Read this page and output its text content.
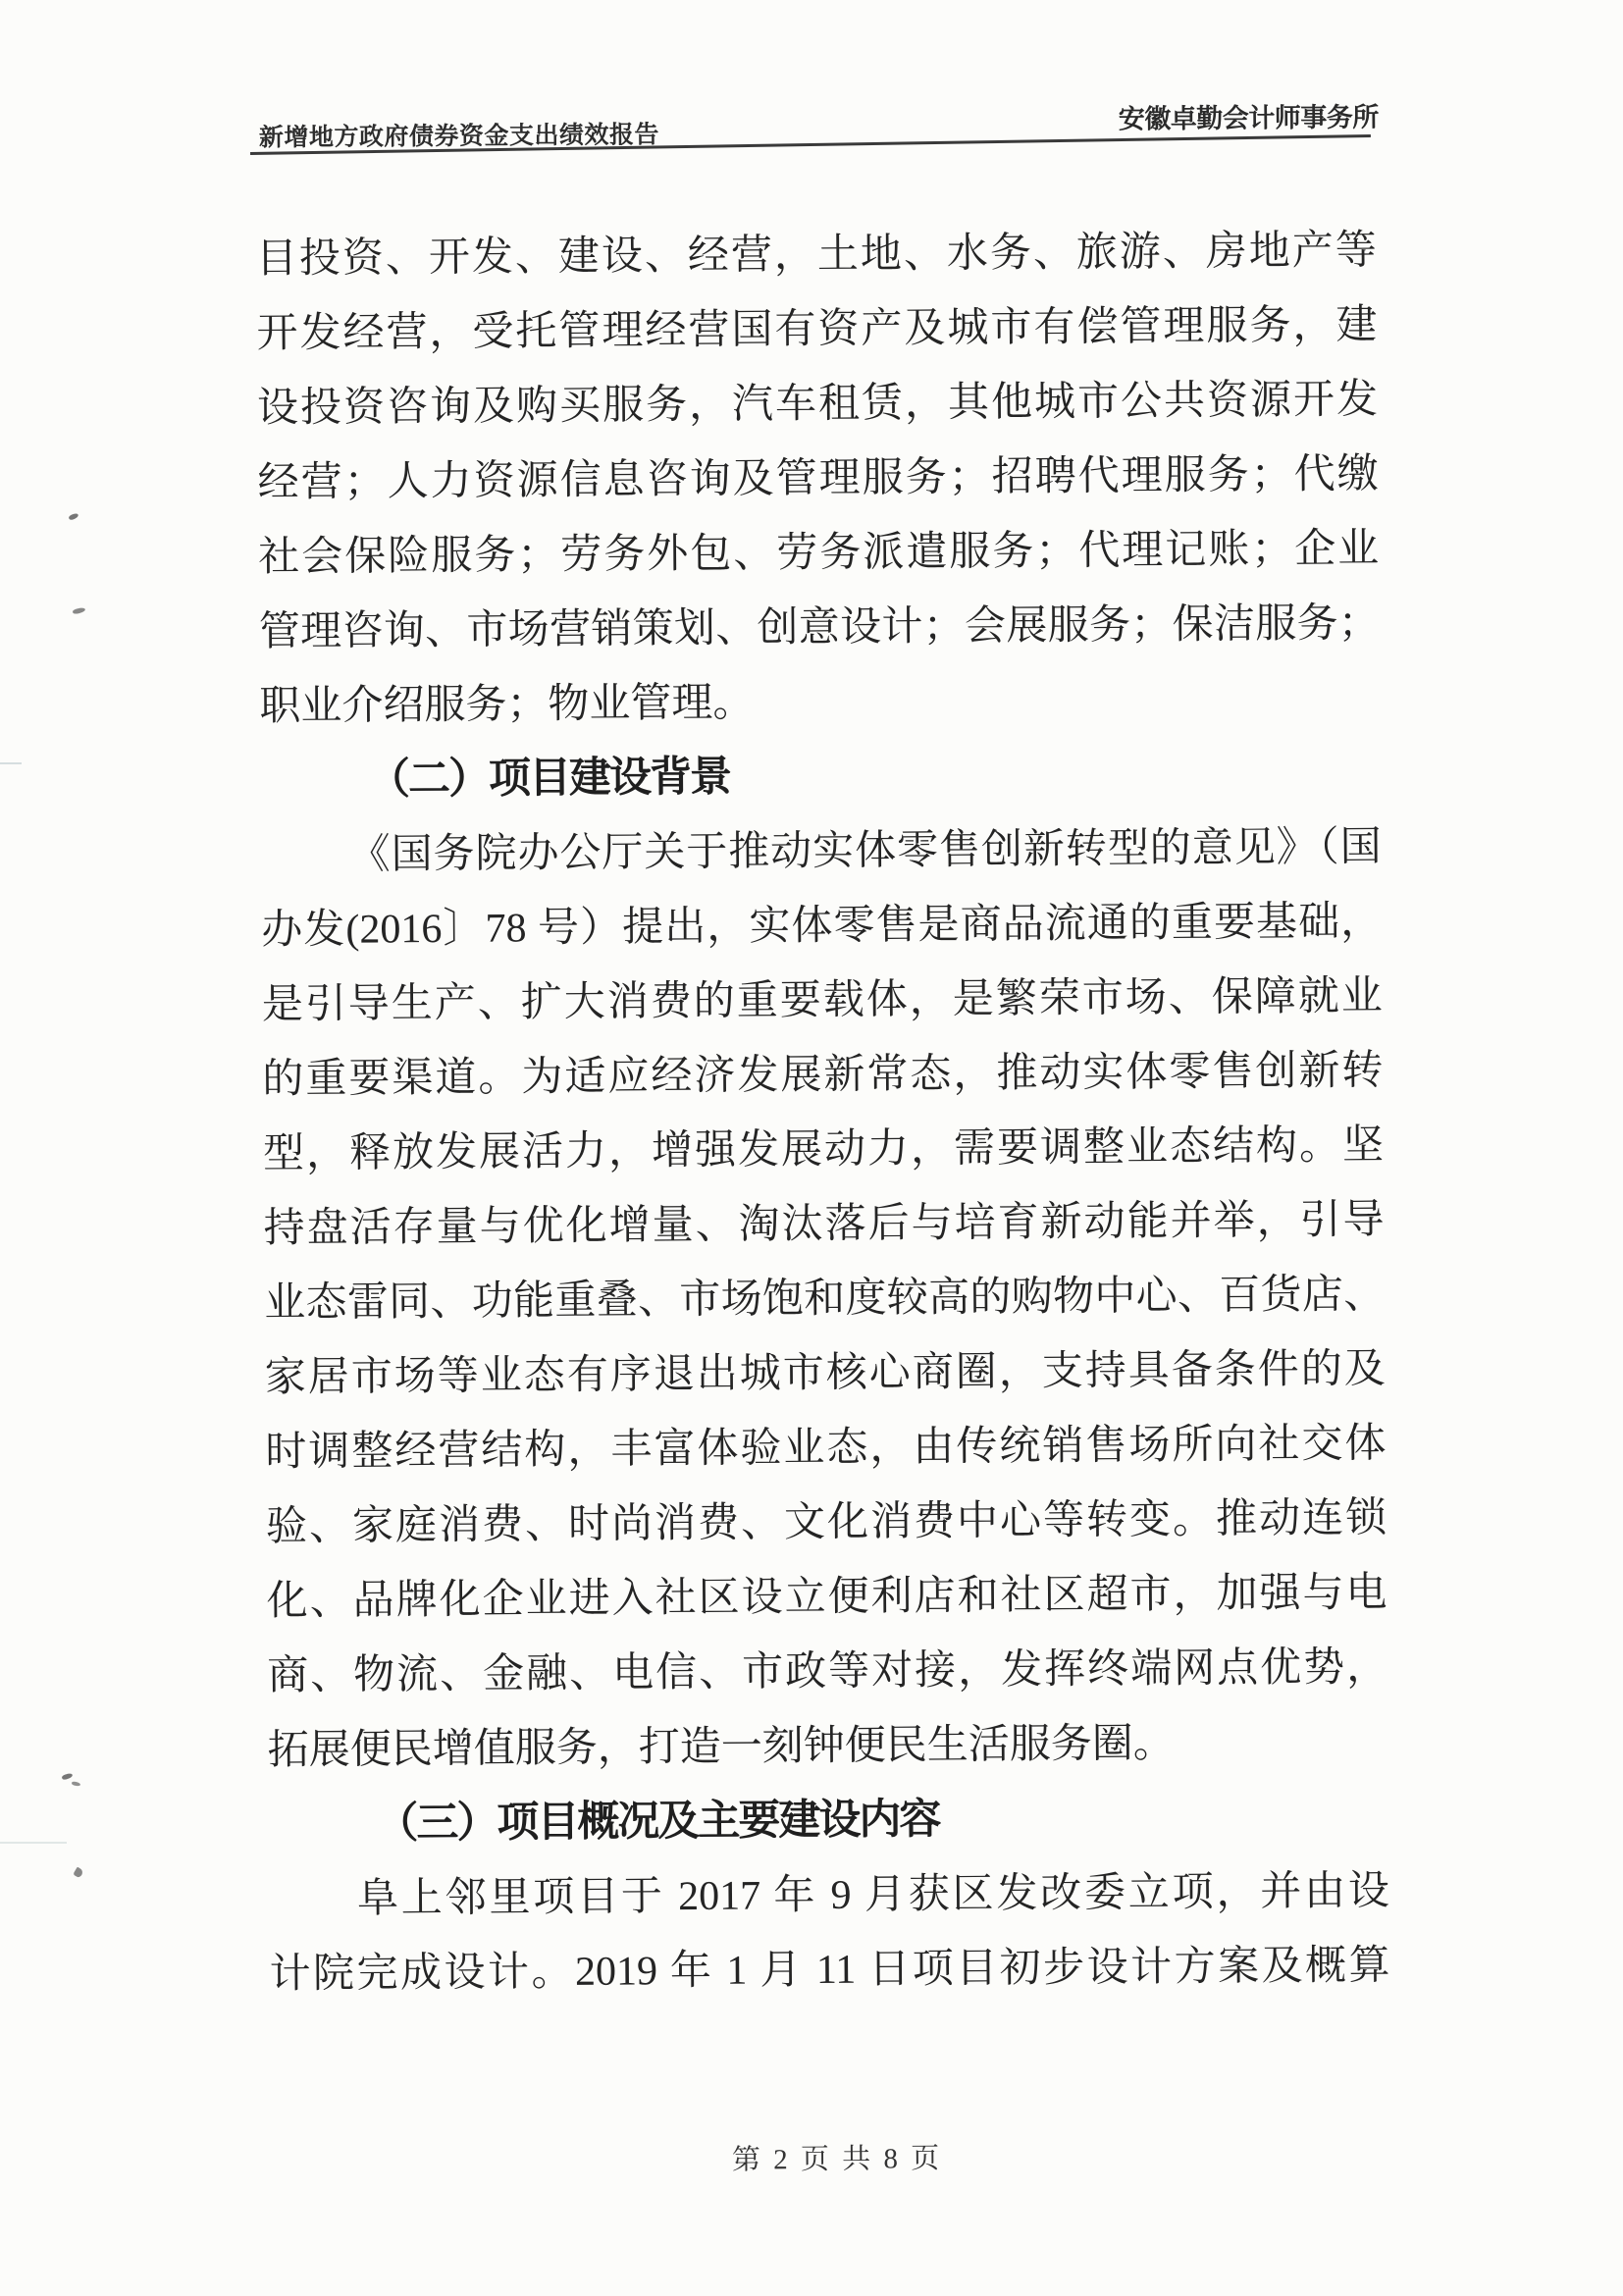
新增地方政府债券资金支出绩效报告
安徽卓勤会计师事务所
目投资、开发、建设、经营，土地、水务、旅游、房地产等
开发经营，受托管理经营国有资产及城市有偿管理服务，建
设投资咨询及购买服务，汽车租赁，其他城市公共资源开发
经营；人力资源信息咨询及管理服务；招聘代理服务；代缴
社会保险服务；劳务外包、劳务派遣服务；代理记账；企业
管理咨询、市场营销策划、创意设计；会展服务；保洁服务；
职业介绍服务；物业管理。
（二）项目建设背景
《国务院办公厅关于推动实体零售创新转型的意见》（国
办发(2016〕78 号）提出，实体零售是商品流通的重要基础，
是引导生产、扩大消费的重要载体，是繁荣市场、保障就业
的重要渠道。为适应经济发展新常态，推动实体零售创新转
型，释放发展活力，增强发展动力，需要调整业态结构。坚
持盘活存量与优化增量、淘汰落后与培育新动能并举，引导
业态雷同、功能重叠、市场饱和度较高的购物中心、百货店、
家居市场等业态有序退出城市核心商圈，支持具备条件的及
时调整经营结构，丰富体验业态，由传统销售场所向社交体
验、家庭消费、时尚消费、文化消费中心等转变。推动连锁
化、品牌化企业进入社区设立便利店和社区超市，加强与电
商、物流、金融、电信、市政等对接，发挥终端网点优势，
拓展便民增值服务，打造一刻钟便民生活服务圈。
（三）项目概况及主要建设内容
阜上邻里项目于 2017 年 9 月获区发改委立项，并由设
计院完成设计。2019 年 1 月 11 日项目初步设计方案及概算
第 2 页 共 8 页
